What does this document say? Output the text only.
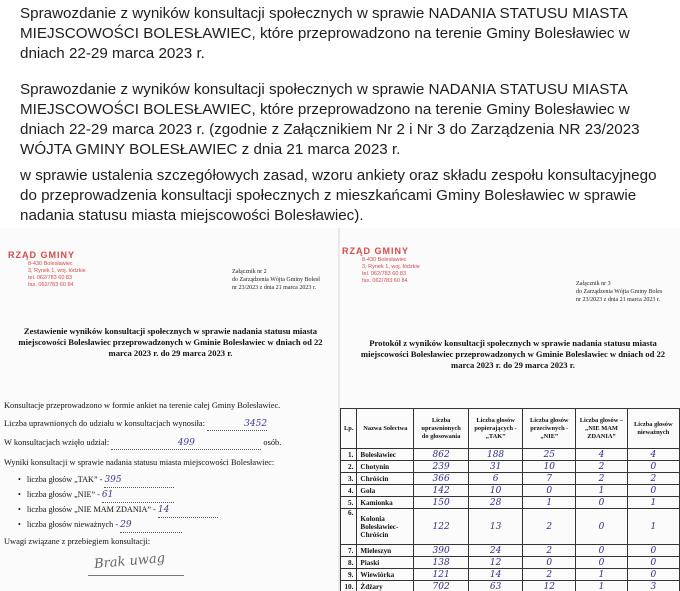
Sprawozdanie z wyników konsultacji społecznych w sprawie NADANIA STATUSU MIASTA MIEJSCOWOŚCI BOLESŁAWIEC, które przeprowadzono na terenie Gminy Bolesławiec w dniach 22-29 marca 2023 r.

Sprawozdanie z wyników konsultacji społecznych w sprawie NADANIA STATUSU MIASTA MIEJSCOWOŚCI BOLESŁAWIEC, które przeprowadzono na terenie Gminy Bolesławiec w dniach 22-29 marca 2023 r. (zgodnie z Załącznikiem Nr 2 i Nr 3 do Zarządzenia NR 23/2023 WÓJTA GMINY BOLESŁAWIEC z dnia 21 marca 2023 r.

w sprawie ustalenia szczegółowych zasad, wzoru ankiety oraz składu zespołu konsultacyjnego do przeprowadzenia konsultacji społecznych z mieszkańcami Gminy Bolesławiec w sprawie nadania statusu miasta miejscowości Bolesławiec).

RZĄD GMINY
8-430 Bolesławiec
3, Rynek 1, woj. łódzkie
tel. 062/783 60 83
fax. 062/783 60 84
Załącznik nr 2
do Zarządzenia Wójta Gminy Bolesł
nr 23/2023 z dnia 21 marca 2023 r.
Zestawienie wyników konsultacji społecznych w sprawie nadania statusu miasta miejscowości Bolesławiec przeprowadzonych w Gminie Bolesławiec w dniach od 22 marca 2023 r. do 29 marca 2023 r.
Konsultacje przeprowadzono w formie ankiet na terenie całej Gminy Bolesławiec.
Liczba uprawnionych do udziału w konsultacjach wynosiła:	3452
W konsultacjach wzięło udział:	499	osób.
Wyniki konsultacji w sprawie nadania statusu miasta miejscowości Bolesławiec:
• liczba głosów „TAK” - 395
• liczba głosów „NIE” - 61
• liczba głosów „NIE MAM ZDANIA” - 14
• liczba głosów nieważnych - 29
Uwagi związane z przebiegiem konsultacji:
Brak uwag
RZĄD GMINY
8-430 Bolesławiec
3, Rynek 1, woj. łódzkie
tel. 062/783 60 83
fax. 062/783 60 84	Załącznik nr 3
do Zarządzenia Wójta Gminy Boles
nr 23/2023 z dnia 21 marca 2023 r.
Protokół z wyników konsultacji społecznych w sprawie nadania statusu miasta miejscowości Bolesławiec przeprowadzonych w Gminie Bolesławiec w dniach od 22 marca 2023 r. do 29 marca 2023 r.
Lp.	Nazwa Sołectwa	Liczba uprawnionych do głosowania	Liczba głosów popierających - „TAK”	Liczba głosów przeciwnych - „NIE”	Liczba głosów – „NIE MAM ZDANIA”	Liczba głosów nieważnych
1.	Bolesławiec	862	188	25	4	4
2.	Chotynin	239	31	10	2	0
3.	Chróścin	366	6	7	2	2
4.	Gola	142	10	0	1	0
5.	Kamionka	150	28	1	0	1
6.	Kolonia Bolesławiec-Chróścin	122	13	2	0	1
7.	Mieleszyn	390	24	2	0	0
8.	Piaski	138	12	0	0	0
9.	Wiewiórka	121	14	2	1	0
10.	Żdżary	702	63	12	1	3
